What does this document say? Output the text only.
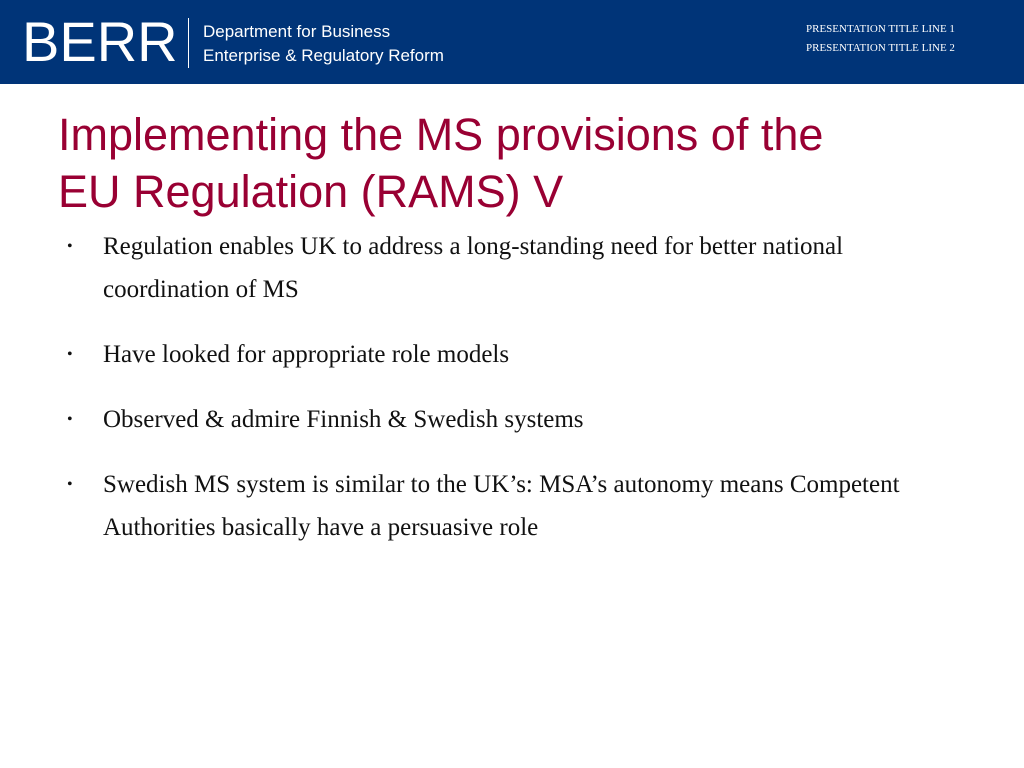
BERR Department for Business
Enterprise & Regulatory Reform
PRESENTATION TITLE LINE 1
PRESENTATION TITLE LINE 2
Implementing the MS provisions of the
EU Regulation (RAMS) V
• Regulation enables UK to address a long-standing need for better national coordination of MS
• Have looked for appropriate role models
• Observed & admire Finnish & Swedish systems
• Swedish MS system is similar to the UK’s: MSA’s autonomy means Competent Authorities basically have a persuasive role
